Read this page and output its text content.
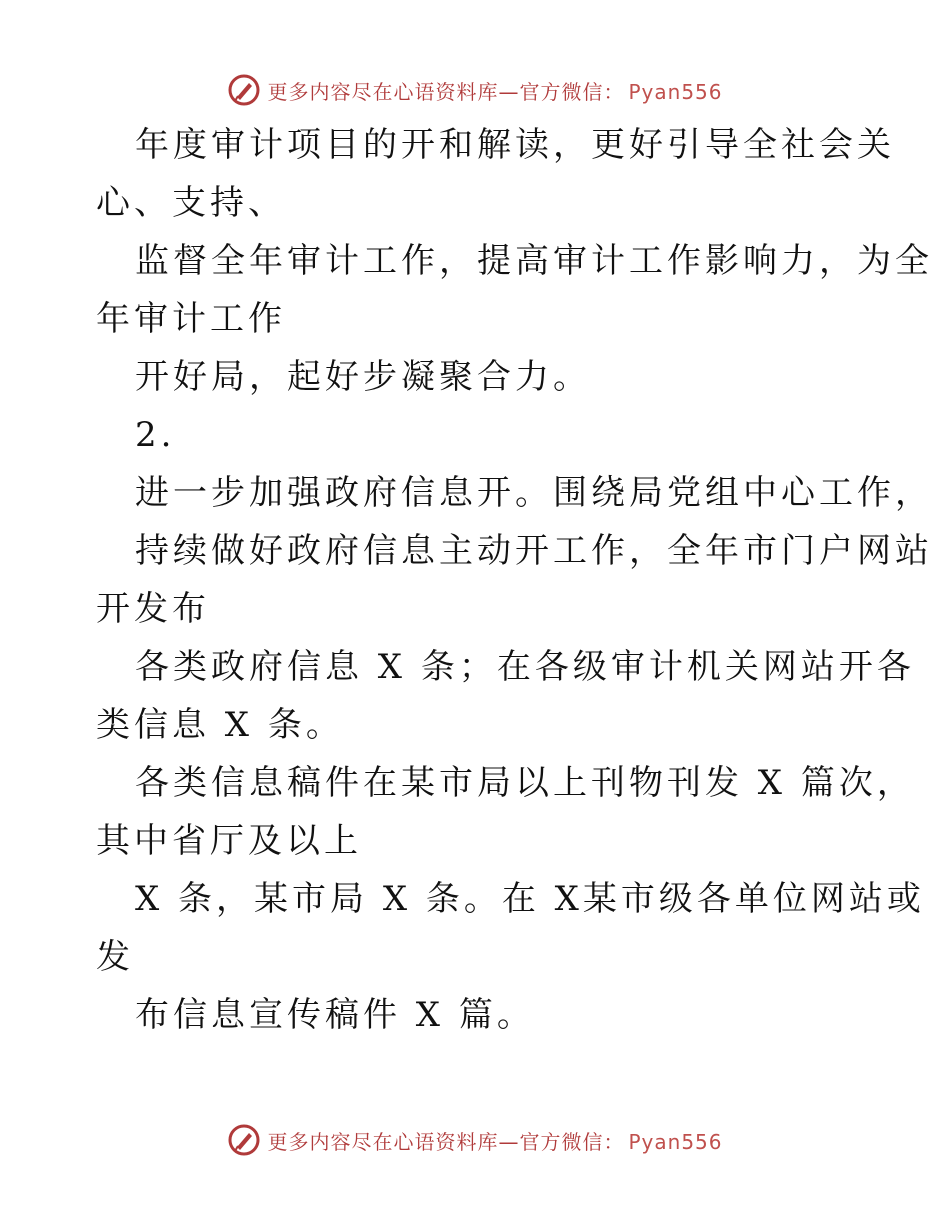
更多内容尽在心语资料库—官方微信： Pyan556
年度审计项目的开和解读，更好引导全社会关
心、支持、
监督全年审计工作，提高审计工作影响力，为全
年审计工作
开好局，起好步凝聚合力。
2.
进一步加强政府信息开。围绕局党组中心工作，
持续做好政府信息主动开工作，全年市门户网站
开发布
各类政府信息 X 条；在各级审计机关网站开各
类信息 X 条。
各类信息稿件在某市局以上刊物刊发 X 篇次，
其中省厅及以上
X 条，某市局 X 条。在 X某市级各单位网站或
发
布信息宣传稿件 X 篇。
更多内容尽在心语资料库—官方微信： Pyan556
